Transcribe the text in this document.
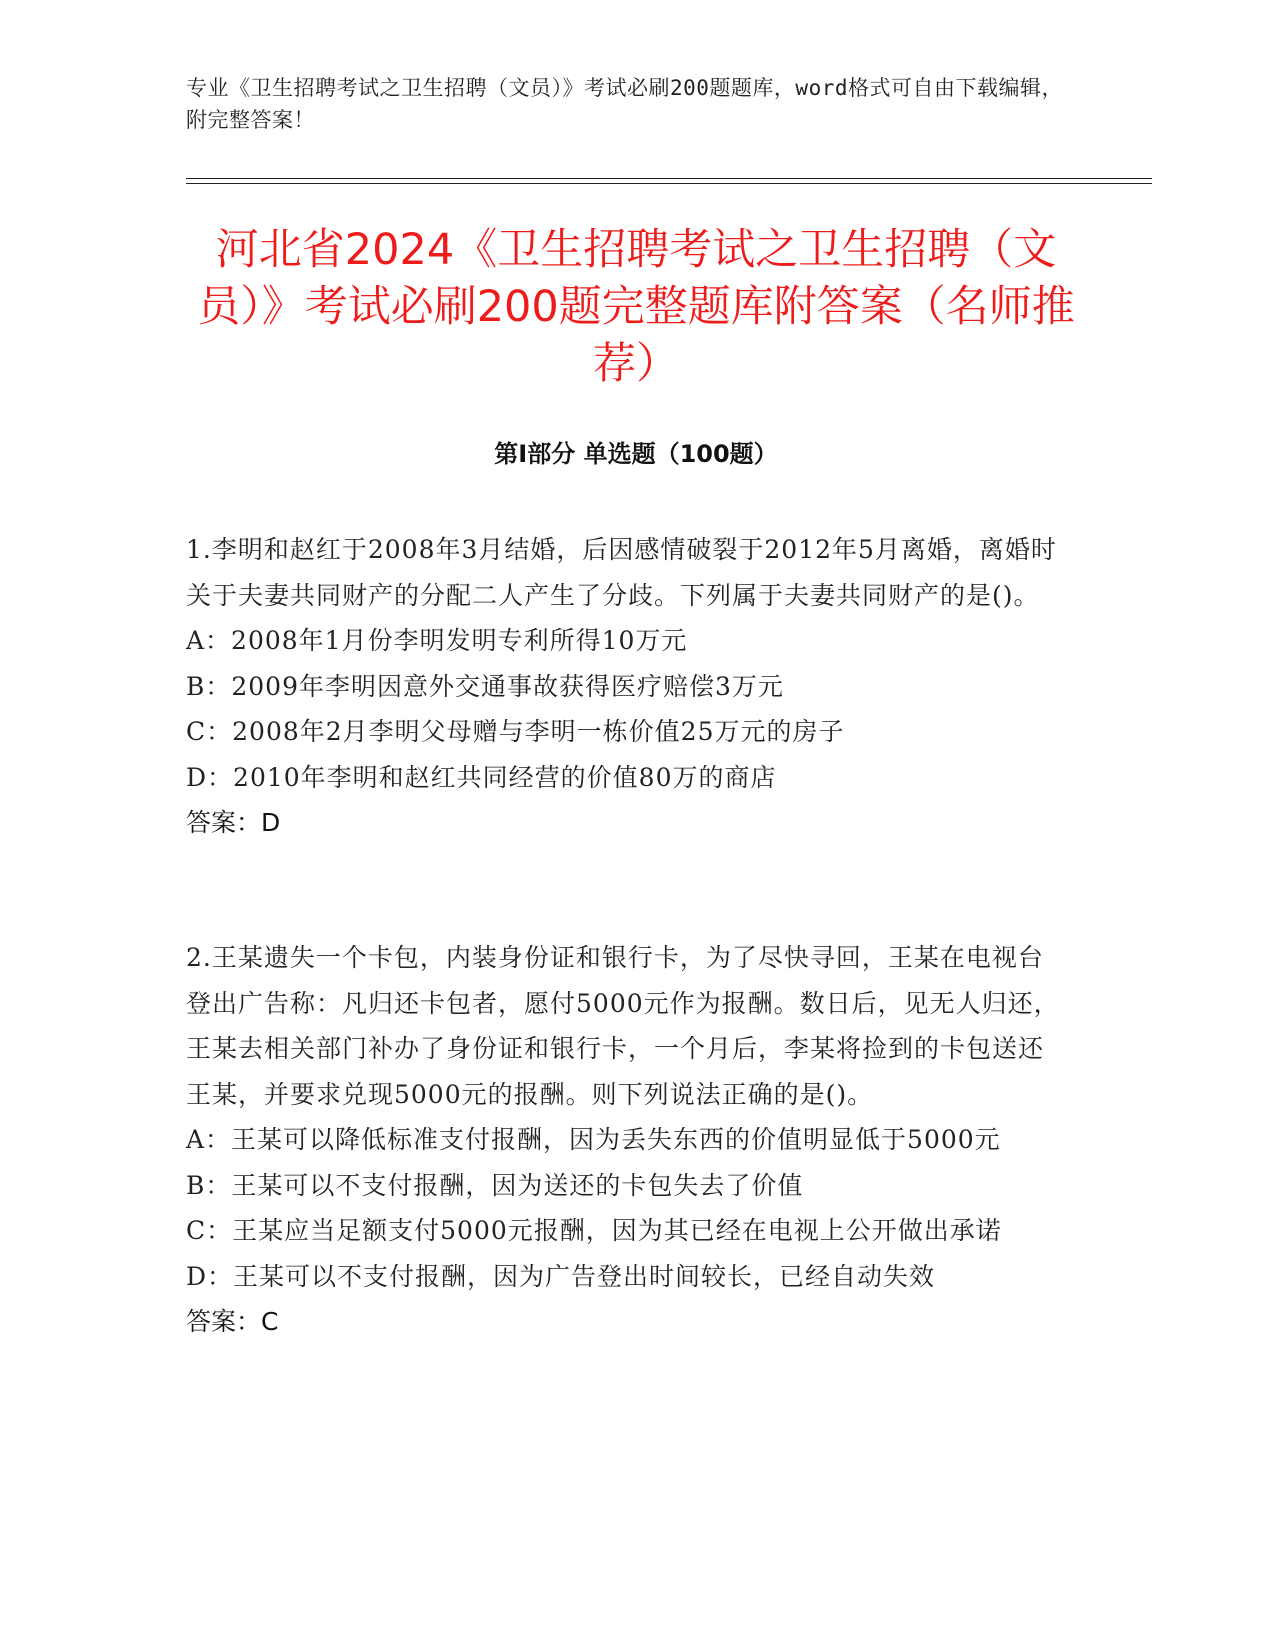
专业《卫生招聘考试之卫生招聘（文员）》考试必刷200题题库，word格式可自由下载编辑，附完整答案！
河北省2024《卫生招聘考试之卫生招聘（文员）》考试必刷200题完整题库附答案（名师推荐）
第I部分 单选题（100题）

1.李明和赵红于2008年3月结婚，后因感情破裂于2012年5月离婚，离婚时关于夫妻共同财产的分配二人产生了分歧。下列属于夫妻共同财产的是()。

A：2008年1月份李明发明专利所得10万元

B：2009年李明因意外交通事故获得医疗赔偿3万元

C：2008年2月李明父母赠与李明一栋价值25万元的房子

D：2010年李明和赵红共同经营的价值80万的商店

答案：D

2.王某遗失一个卡包，内装身份证和银行卡，为了尽快寻回，王某在电视台登出广告称：凡归还卡包者，愿付5000元作为报酬。数日后，见无人归还，王某去相关部门补办了身份证和银行卡，一个月后，李某将捡到的卡包送还王某，并要求兑现5000元的报酬。则下列说法正确的是()。

A：王某可以降低标准支付报酬，因为丢失东西的价值明显低于5000元

B：王某可以不支付报酬，因为送还的卡包失去了价值

C：王某应当足额支付5000元报酬，因为其已经在电视上公开做出承诺

D：王某可以不支付报酬，因为广告登出时间较长，已经自动失效

答案：C
